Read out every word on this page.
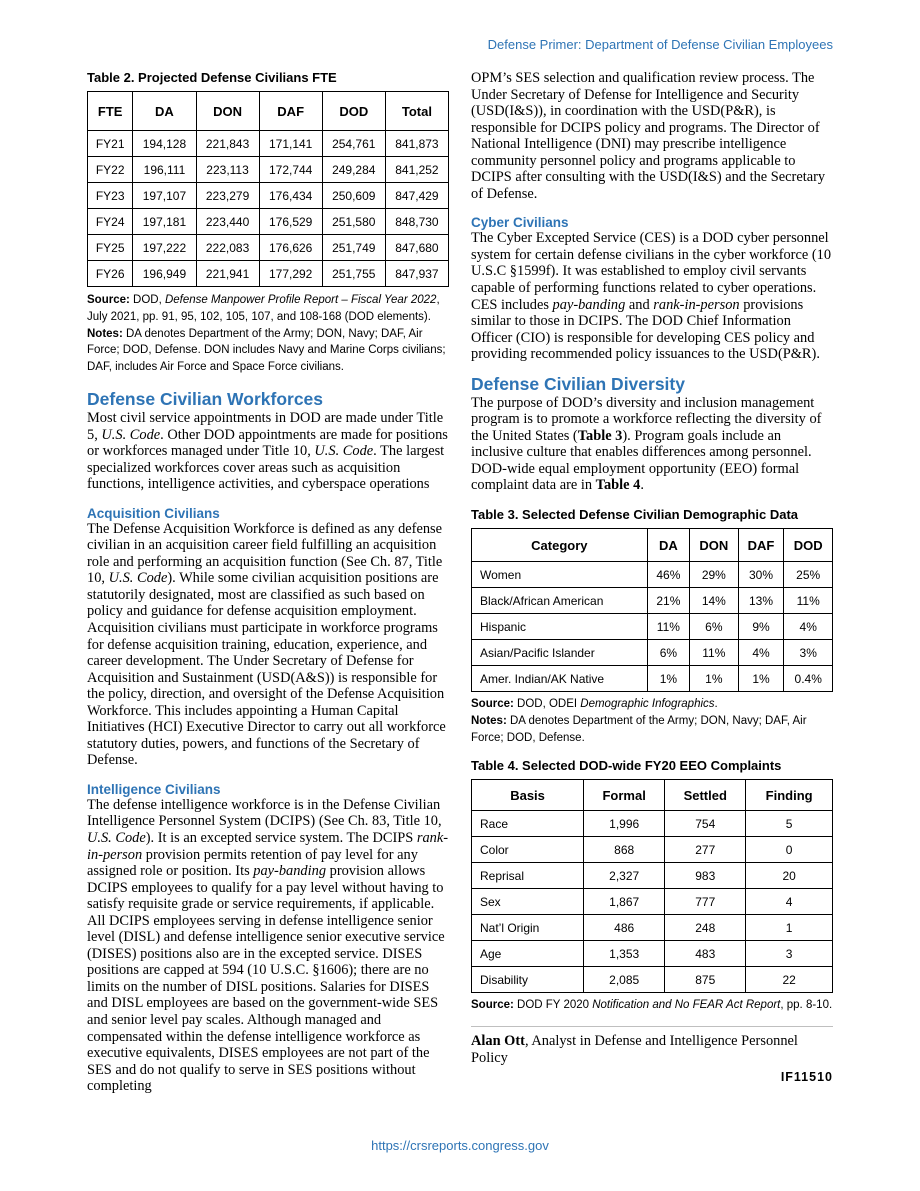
Defense Primer: Department of Defense Civilian Employees
Table 2. Projected Defense Civilians FTE
FTE	DA	DON	DAF	DOD	Total
FY21	194,128	221,843	171,141	254,761	841,873
FY22	196,111	223,113	172,744	249,284	841,252
FY23	197,107	223,279	176,434	250,609	847,429
FY24	197,181	223,440	176,529	251,580	848,730
FY25	197,222	222,083	176,626	251,749	847,680
FY26	196,949	221,941	177,292	251,755	847,937

Source: DOD, Defense Manpower Profile Report – Fiscal Year 2022, July 2021, pp. 91, 95, 102, 105, 107, and 108-168 (DOD elements).

Notes: DA denotes Department of the Army; DON, Navy; DAF, Air Force; DOD, Defense. DON includes Navy and Marine Corps civilians; DAF, includes Air Force and Space Force civilians.

Defense Civilian Workforces

Most civil service appointments in DOD are made under Title 5, U.S. Code. Other DOD appointments are made for positions or workforces managed under Title 10, U.S. Code. The largest specialized workforces cover areas such as acquisition functions, intelligence activities, and cyberspace operations

Acquisition Civilians

The Defense Acquisition Workforce is defined as any defense civilian in an acquisition career field fulfilling an acquisition role and performing an acquisition function (See Ch. 87, Title 10, U.S. Code). While some civilian acquisition positions are statutorily designated, most are classified as such based on policy and guidance for defense acquisition employment. Acquisition civilians must participate in workforce programs for defense acquisition training, education, experience, and career development. The Under Secretary of Defense for Acquisition and Sustainment (USD(A&S)) is responsible for the policy, direction, and oversight of the Defense Acquisition Workforce. This includes appointing a Human Capital Initiatives (HCI) Executive Director to carry out all workforce statutory duties, powers, and functions of the Secretary of Defense.

Intelligence Civilians

The defense intelligence workforce is in the Defense Civilian Intelligence Personnel System (DCIPS) (See Ch. 83, Title 10, U.S. Code). It is an excepted service system. The DCIPS rank-in-person provision permits retention of pay level for any assigned role or position. Its pay-banding provision allows DCIPS employees to qualify for a pay level without having to satisfy requisite grade or service requirements, if applicable. All DCIPS employees serving in defense intelligence senior level (DISL) and defense intelligence senior executive service (DISES) positions also are in the excepted service. DISES positions are capped at 594 (10 U.S.C. §1606); there are no limits on the number of DISL positions. Salaries for DISES and DISL employees are based on the government-wide SES and senior level pay scales. Although managed and compensated within the defense intelligence workforce as executive equivalents, DISES employees are not part of the SES and do not qualify to serve in SES positions without completing

OPM’s SES selection and qualification review process. The Under Secretary of Defense for Intelligence and Security (USD(I&S)), in coordination with the USD(P&R), is responsible for DCIPS policy and programs. The Director of National Intelligence (DNI) may prescribe intelligence community personnel policy and programs applicable to DCIPS after consulting with the USD(I&S) and the Secretary of Defense.

Cyber Civilians

The Cyber Excepted Service (CES) is a DOD cyber personnel system for certain defense civilians in the cyber workforce (10 U.S.C §1599f). It was established to employ civil servants capable of performing functions related to cyber operations. CES includes pay-banding and rank-in-person provisions similar to those in DCIPS. The DOD Chief Information Officer (CIO) is responsible for developing CES policy and providing recommended policy issuances to the USD(P&R).

Defense Civilian Diversity

The purpose of DOD’s diversity and inclusion management program is to promote a workforce reflecting the diversity of the United States (Table 3). Program goals include an inclusive culture that enables differences among personnel. DOD-wide equal employment opportunity (EEO) formal complaint data are in Table 4.

Table 3. Selected Defense Civilian Demographic Data
Category	DA	DON	DAF	DOD
Women	46%	29%	30%	25%
Black/African American	21%	14%	13%	11%
Hispanic	11%	6%	9%	4%
Asian/Pacific Islander	6%	11%	4%	3%
Amer. Indian/AK Native	1%	1%	1%	0.4%

Source: DOD, ODEI Demographic Infographics.

Notes: DA denotes Department of the Army; DON, Navy; DAF, Air Force; DOD, Defense.

Table 4. Selected DOD-wide FY20 EEO Complaints
Basis	Formal	Settled	Finding
Race	1,996	754	5
Color	868	277	0
Reprisal	2,327	983	20
Sex	1,867	777	4
Nat’l Origin	486	248	1
Age	1,353	483	3
Disability	2,085	875	22

Source: DOD FY 2020 Notification and No FEAR Act Report, pp. 8-10.

Alan Ott, Analyst in Defense and Intelligence Personnel Policy

IF11510
https://crsreports.congress.gov
